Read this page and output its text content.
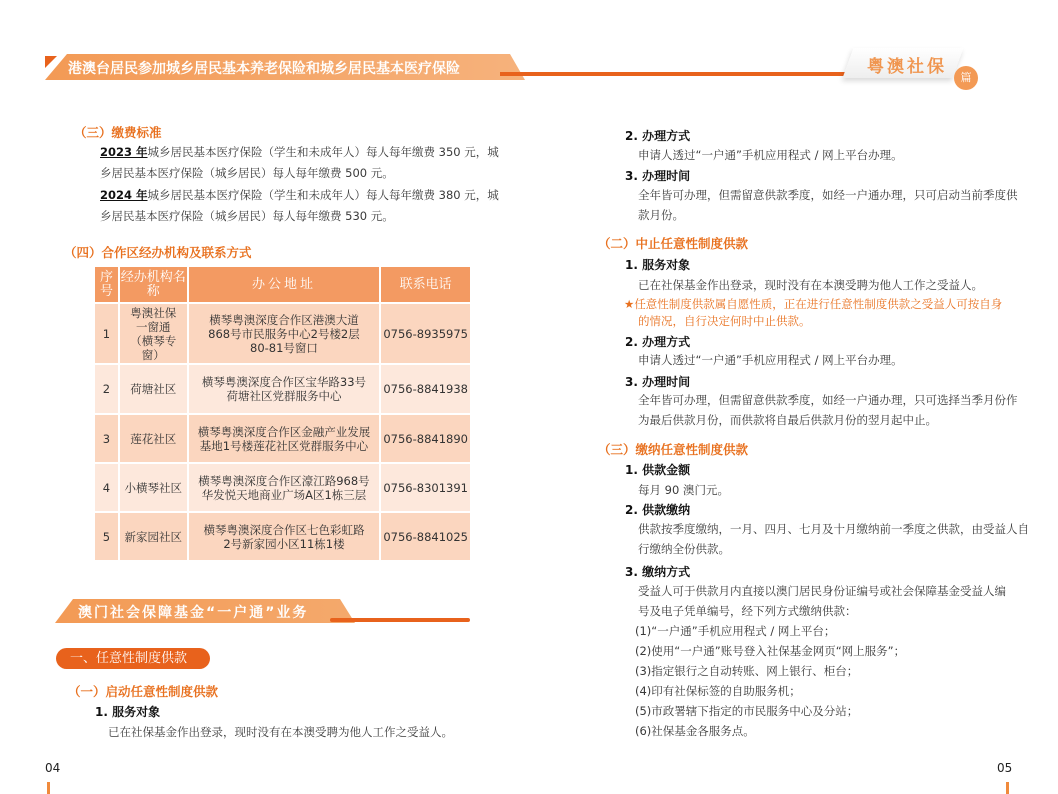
港澳台居民参加城乡居民基本养老保险和城乡居民基本医疗保险	粤澳社保
篇
（三）缴费标准
2023 年城乡居民基本医疗保险（学生和未成年人）每人每年缴费 350 元，城
乡居民基本医疗保险（城乡居民）每人每年缴费 500 元。
2024 年城乡居民基本医疗保险（学生和未成年人）每人每年缴费 380 元，城
乡居民基本医疗保险（城乡居民）每人每年缴费 530 元。
（四）合作区经办机构及联系方式
序号	经办机构名称	办公地址	联系电话
1	粤澳社保一窗通（横琴专窗）	横琴粤澳深度合作区港澳大道868号市民服务中心2号楼2层80-81号窗口	0756-8935975
2	荷塘社区	横琴粤澳深度合作区宝华路33号荷塘社区党群服务中心	0756-8841938
3	莲花社区	横琴粤澳深度合作区金融产业发展基地1号楼莲花社区党群服务中心	0756-8841890
4	小横琴社区	横琴粤澳深度合作区濠江路968号华发悦天地商业广场A区1栋三层	0756-8301391
5	新家园社区	横琴粤澳深度合作区七色彩虹路2号新家园小区11栋1楼	0756-8841025
澳门社会保障基金“一户通”业务
一、任意性制度供款
（一）启动任意性制度供款
1. 服务对象
已在社保基金作出登录，现时没有在本澳受聘为他人工作之受益人。
04
2. 办理方式
申请人透过“一户通”手机应用程式 / 网上平台办理。
3. 办理时间
全年皆可办理，但需留意供款季度，如经一户通办理，只可启动当前季度供
款月份。
（二）中止任意性制度供款
1. 服务对象
已在社保基金作出登录，现时没有在本澳受聘为他人工作之受益人。
★任意性制度供款属自愿性质，正在进行任意性制度供款之受益人可按自身
的情况，自行决定何时中止供款。
2. 办理方式
申请人透过“一户通”手机应用程式 / 网上平台办理。
3. 办理时间
全年皆可办理，但需留意供款季度，如经一户通办理，只可选择当季月份作
为最后供款月份，而供款将自最后供款月份的翌月起中止。
（三）缴纳任意性制度供款
1. 供款金额
每月 90 澳门元。
2. 供款缴纳
供款按季度缴纳，一月、四月、七月及十月缴纳前一季度之供款，由受益人自
行缴纳全份供款。
3. 缴纳方式
受益人可于供款月内直接以澳门居民身份证编号或社会保障基金受益人编
号及电子凭单编号，经下列方式缴纳供款：
(1)“一户通”手机应用程式 / 网上平台；
(2)使用“一户通”账号登入社保基金网页“网上服务”；
(3)指定银行之自动转账、网上银行、柜台；
(4)印有社保标签的自助服务机；
(5)市政署辖下指定的市民服务中心及分站；
(6)社保基金各服务点。
05
